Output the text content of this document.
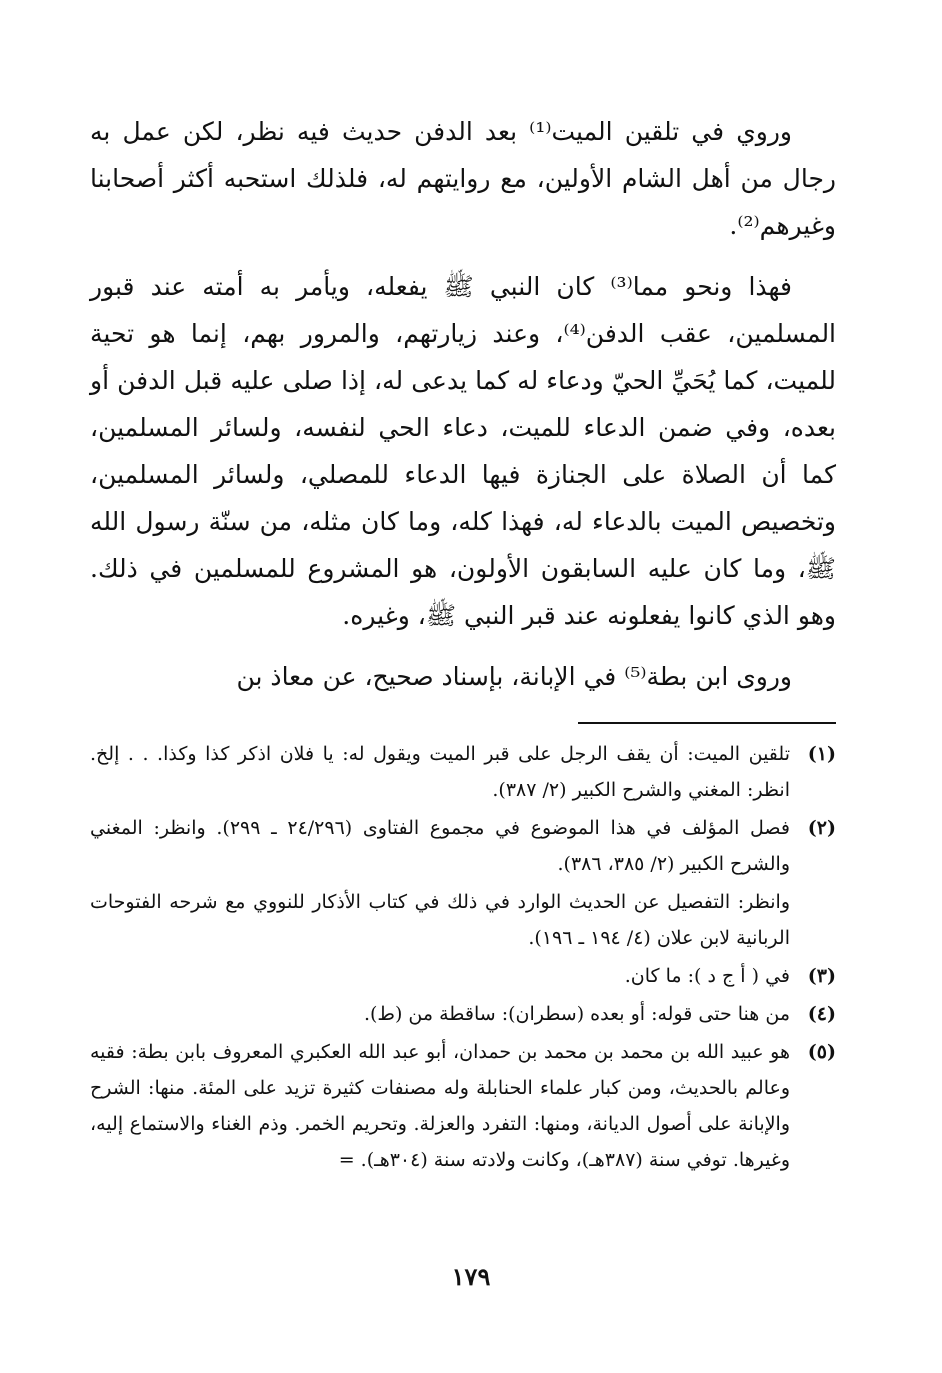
وروي في تلقين الميت⁽¹⁾ بعد الدفن حديث فيه نظر، لكن عمل به رجال من أهل الشام الأولين، مع روايتهم له، فلذلك استحبه أكثر أصحابنا وغيرهم⁽²⁾.

فهذا ونحو مما⁽³⁾ كان النبي ﷺ يفعله، ويأمر به أمته عند قبور المسلمين، عقب الدفن⁽⁴⁾، وعند زيارتهم، والمرور بهم، إنما هو تحية للميت، كما يُحَيِّ الحيّ ودعاء له كما يدعى له، إذا صلى عليه قبل الدفن أو بعده، وفي ضمن الدعاء للميت، دعاء الحي لنفسه، ولسائر المسلمين، كما أن الصلاة على الجنازة فيها الدعاء للمصلي، ولسائر المسلمين، وتخصيص الميت بالدعاء له، فهذا كله، وما كان مثله، من سنّة رسول الله ﷺ، وما كان عليه السابقون الأولون، هو المشروع للمسلمين في ذلك. وهو الذي كانوا يفعلونه عند قبر النبي ﷺ، وغيره.

وروى ابن بطة⁽⁵⁾ في الإبانة، بإسناد صحيح، عن معاذ بن

(١)
تلقين الميت: أن يقف الرجل على قبر الميت ويقول له: يا فلان اذكر كذا وكذا. . . إلخ. انظر: المغني والشرح الكبير (٢/ ٣٨٧).
(٢)
فصل المؤلف في هذا الموضوع في مجموع الفتاوى (٢٤/٢٩٦ ـ ٢٩٩). وانظر: المغني والشرح الكبير (٢/ ٣٨٥، ٣٨٦).
وانظر: التفصيل عن الحديث الوارد في ذلك في كتاب الأذكار للنووي مع شرحه الفتوحات الربانية لابن علان (٤/ ١٩٤ ـ ١٩٦).
(٣)
في ( أ ج د ): ما كان.
(٤)
من هنا حتى قوله: أو بعده (سطران): ساقطة من (ط).
(٥)
هو عبيد الله بن محمد بن محمد بن حمدان، أبو عبد الله العكبري المعروف بابن بطة: فقيه وعالم بالحديث، ومن كبار علماء الحنابلة وله مصنفات كثيرة تزيد على المئة. منها: الشرح والإبانة على أصول الديانة، ومنها: التفرد والعزلة. وتحريم الخمر. وذم الغناء والاستماع إليه، وغيرها. توفي سنة (٣٨٧هـ)، وكانت ولادته سنة (٣٠٤هـ). =
١٧٩
